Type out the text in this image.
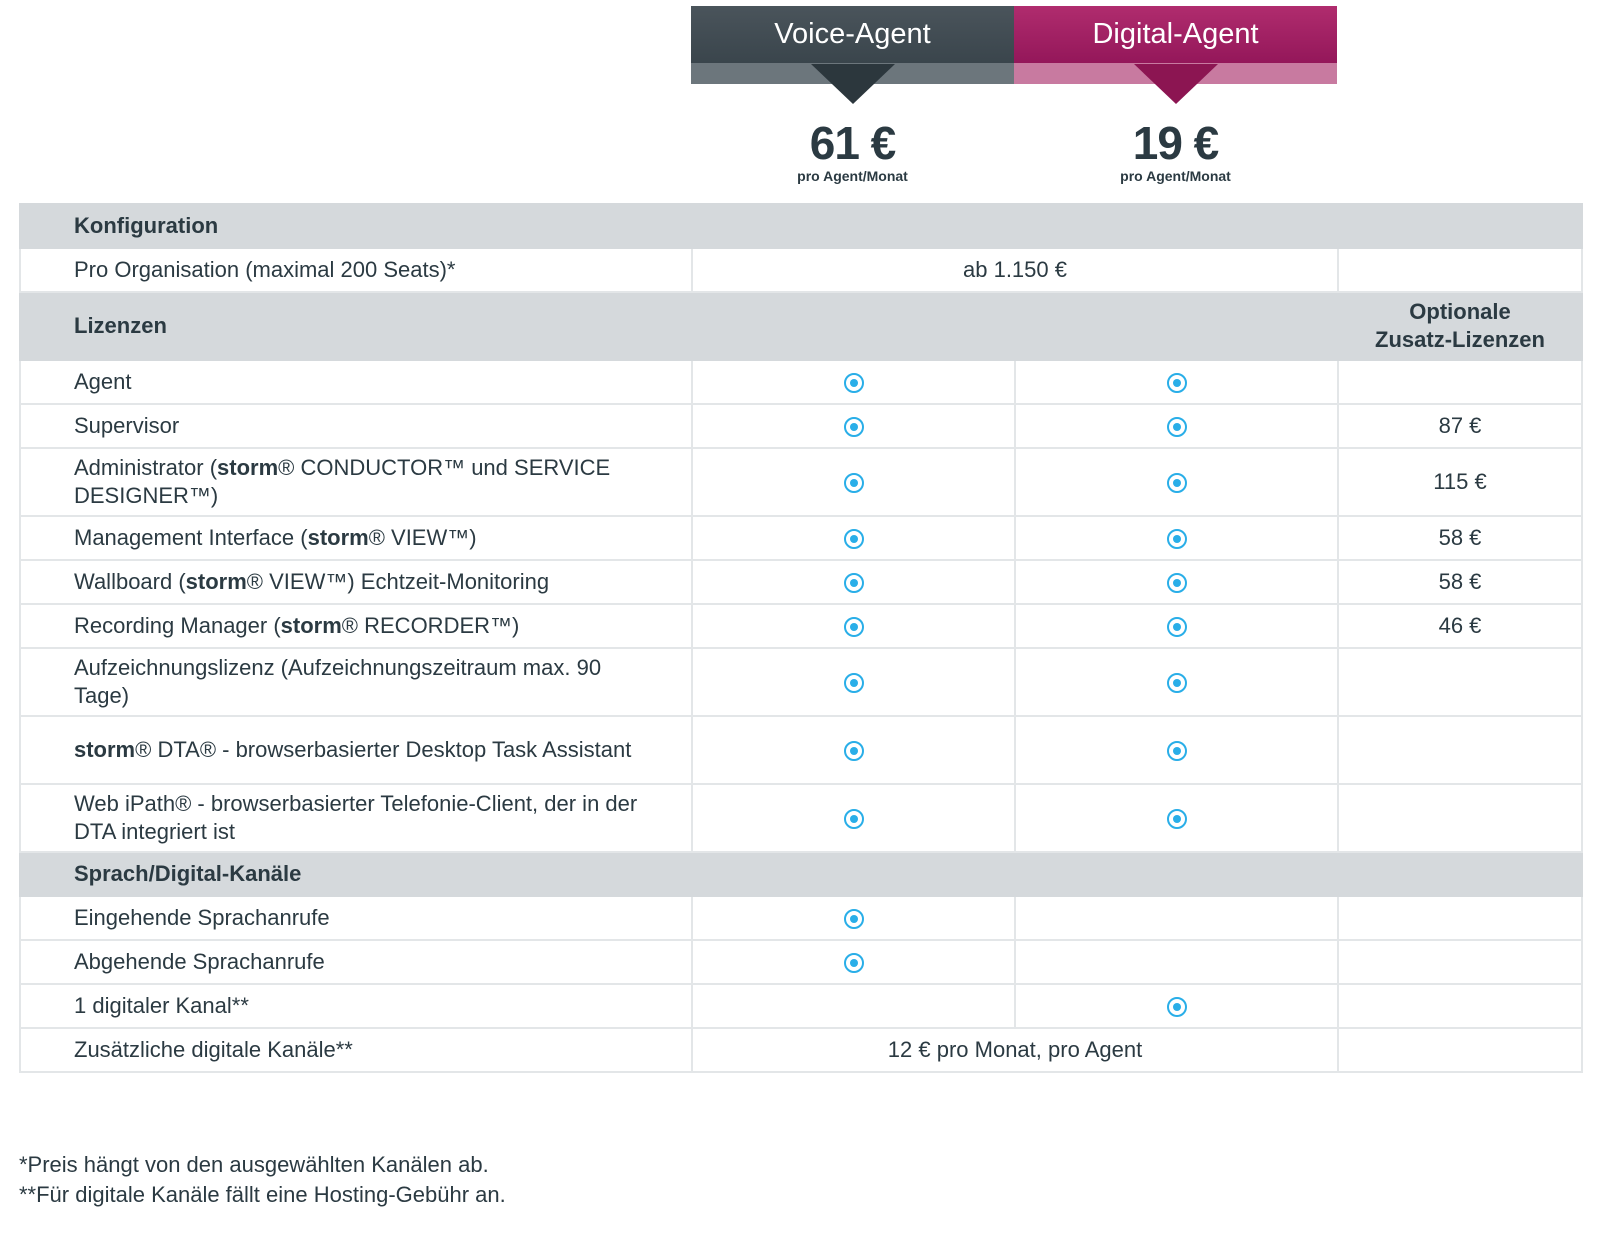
Voice-Agent	Digital-Agent
61 €
pro Agent/Monat
19 €
pro Agent/Monat
Konfiguration			
Pro Organisation (maximal 200 Seats)*	ab 1.150 €		
Lizenzen			Optionale
Zusatz-Lizenzen

Agent			
Supervisor			87 €
Administrator (storm® CONDUCTOR™ und SERVICE DESIGNER™)			115 €
Management Interface (storm® VIEW™)			58 €
Wallboard (storm® VIEW™) Echtzeit-Monitoring			58 €
Recording Manager (storm® RECORDER™)			46 €
Aufzeichnungslizenz (Aufzeichnungszeitraum max. 90 Tage)			
storm® DTA® - browserbasierter Desktop Task Assistant			
Web iPath® - browserbasierter Telefonie-Client, der in der DTA integriert ist			
Sprach/Digital-Kanäle			
Eingehende Sprachanrufe			
Abgehende Sprachanrufe			
1 digitaler Kanal**			
Zusätzliche digitale Kanäle**	12 € pro Monat, pro Agent		
*Preis hängt von den ausgewählten Kanälen ab.
**Für digitale Kanäle fällt eine Hosting-Gebühr an.
